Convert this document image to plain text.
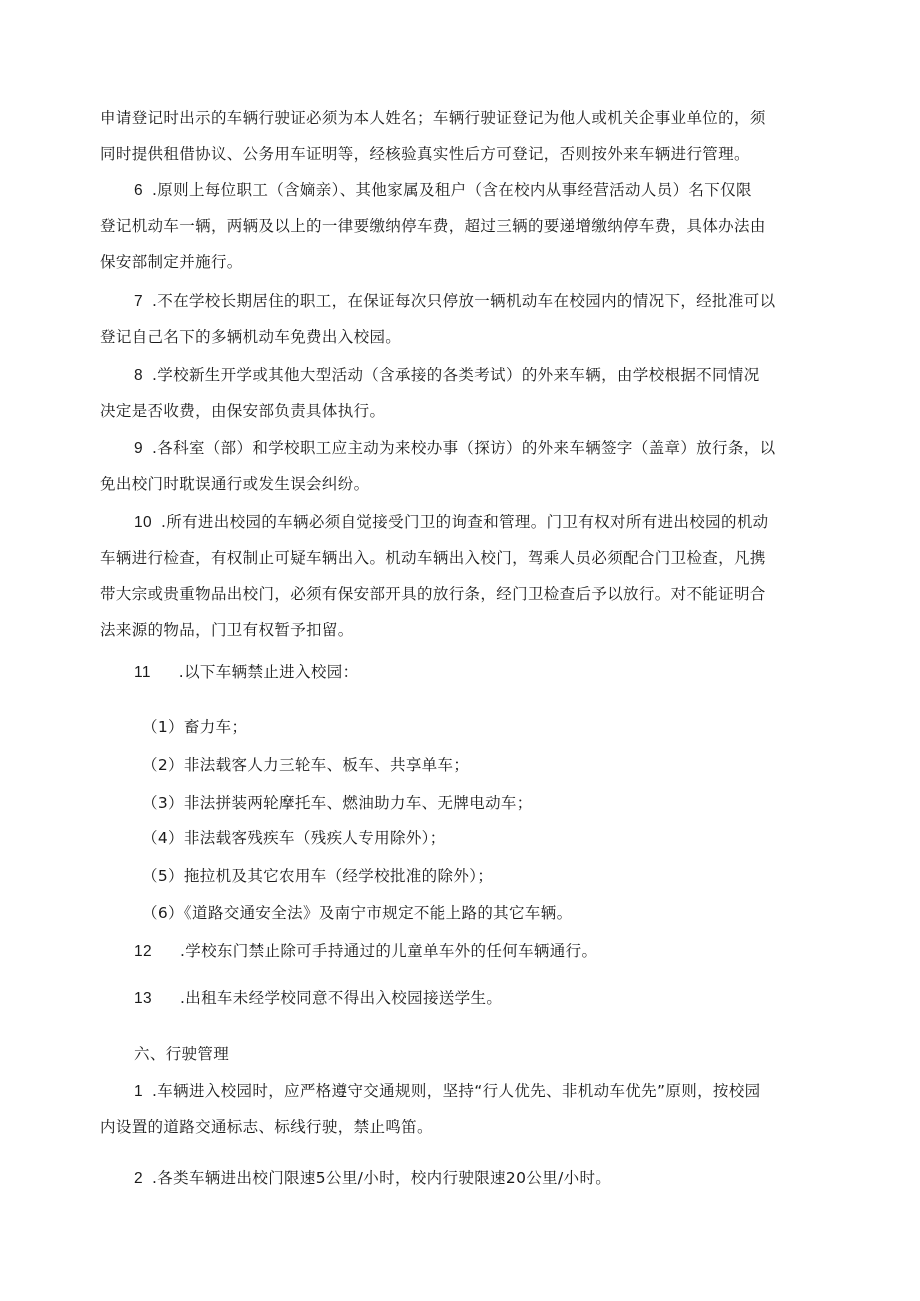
申请登记时出示的车辆行驶证必须为本人姓名；车辆行驶证登记为他人或机关企事业单位的，须

同时提供租借协议、公务用车证明等，经核验真实性后方可登记，否则按外来车辆进行管理。

6 .原则上每位职工（含嫡亲）、其他家属及租户（含在校内从事经营活动人员）名下仅限

登记机动车一辆，两辆及以上的一律要缴纳停车费，超过三辆的要递增缴纳停车费，具体办法由

保安部制定并施行。

7 .不在学校长期居住的职工，在保证每次只停放一辆机动车在校园内的情况下，经批准可以

登记自己名下的多辆机动车免费出入校园。

8 .学校新生开学或其他大型活动（含承接的各类考试）的外来车辆，由学校根据不同情况

决定是否收费，由保安部负责具体执行。

9 .各科室（部）和学校职工应主动为来校办事（探访）的外来车辆签字（盖章）放行条，以

免出校门时耽误通行或发生误会纠纷。

10 .所有进出校园的车辆必须自觉接受门卫的询查和管理。门卫有权对所有进出校园的机动

车辆进行检查，有权制止可疑车辆出入。机动车辆出入校门，驾乘人员必须配合门卫检查，凡携

带大宗或贵重物品出校门，必须有保安部开具的放行条，经门卫检查后予以放行。对不能证明合

法来源的物品，门卫有权暂予扣留。

11 .以下车辆禁止进入校园：

（1）畜力车；

（2）非法载客人力三轮车、板车、共享单车；

（3）非法拼装两轮摩托车、燃油助力车、无牌电动车；

（4）非法载客残疾车（残疾人专用除外）；

（5）拖拉机及其它农用车（经学校批准的除外）；

（6）《道路交通安全法》及南宁市规定不能上路的其它车辆。

12 .学校东门禁止除可手持通过的儿童单车外的任何车辆通行。

13 .出租车未经学校同意不得出入校园接送学生。

六、行驶管理

1 .车辆进入校园时，应严格遵守交通规则，坚持“行人优先、非机动车优先”原则，按校园

内设置的道路交通标志、标线行驶，禁止鸣笛。

2 .各类车辆进出校门限速5公里/小时，校内行驶限速20公里/小时。
